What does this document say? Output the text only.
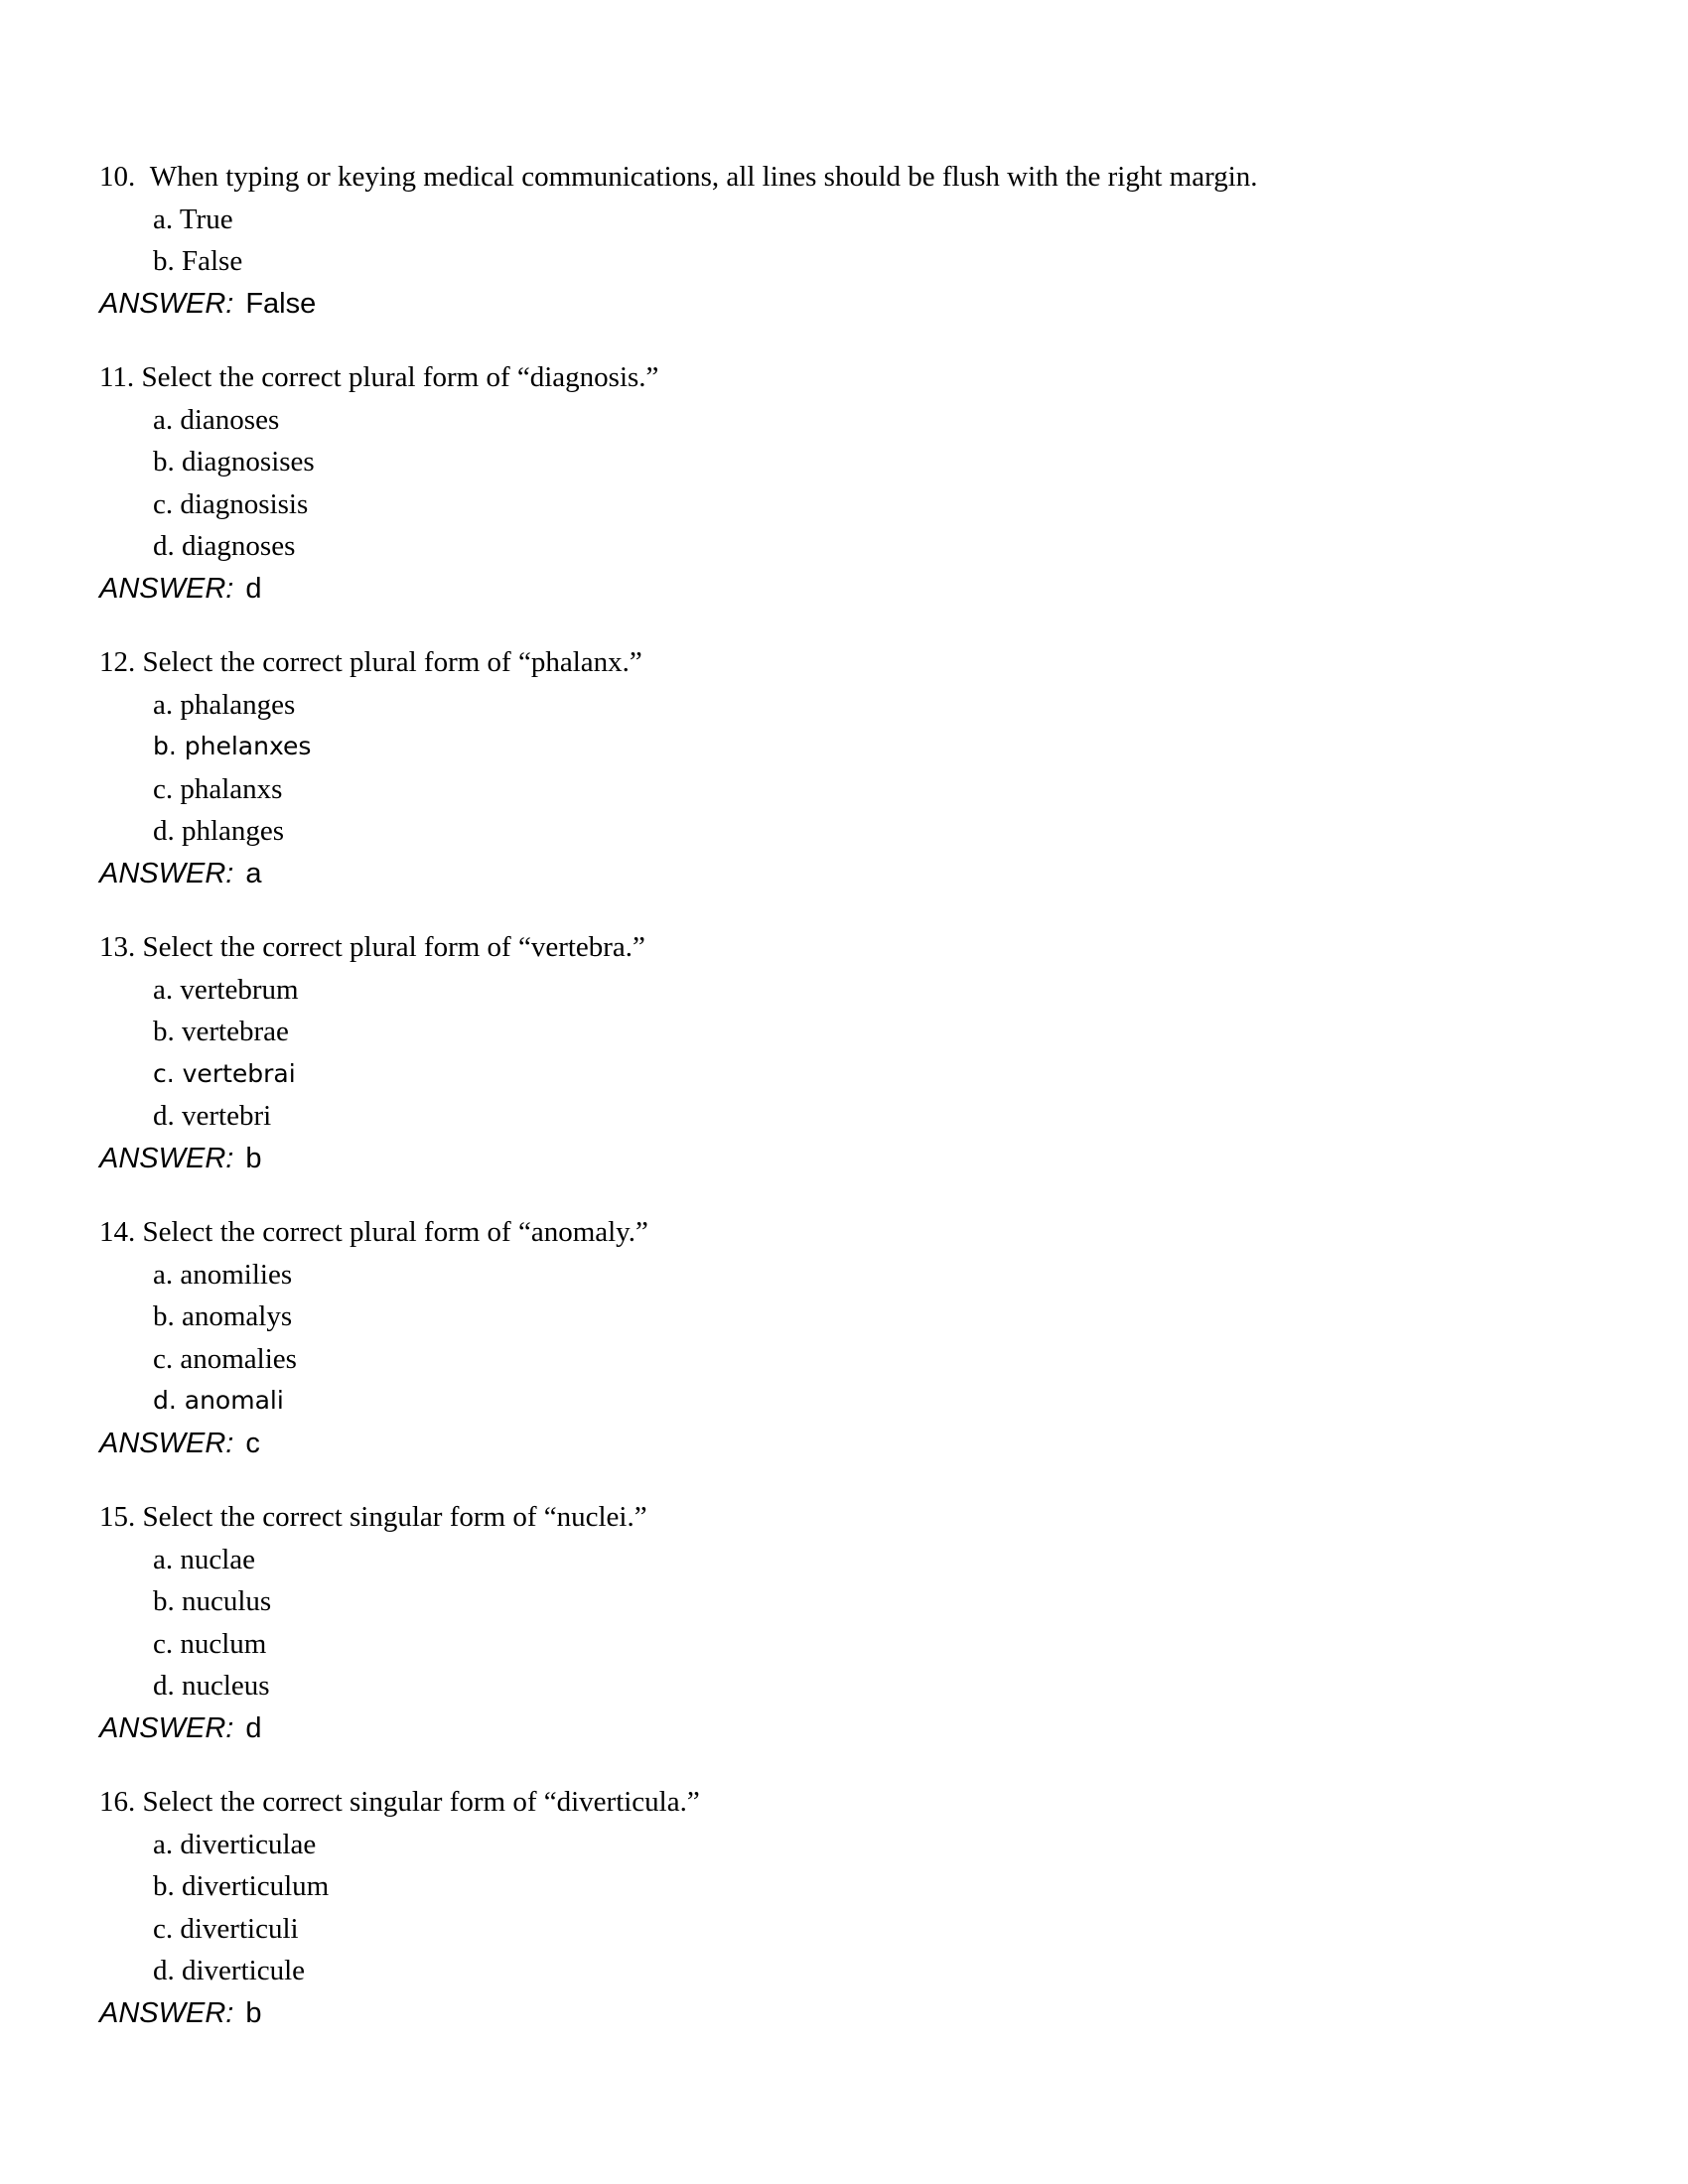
10. When typing or keying medical communications, all lines should be flush with the right margin.
a. True
b. False
ANSWER: False
11. Select the correct plural form of “diagnosis.”
a. dianoses
b. diagnosises
c. diagnosisis
d. diagnoses
ANSWER: d
12. Select the correct plural form of “phalanx.”
a. phalanges
b. phelanxes
c. phalanxs
d. phlanges
ANSWER: a
13. Select the correct plural form of “vertebra.”
a. vertebrum
b. vertebrae
c. vertebrai
d. vertebri
ANSWER: b
14. Select the correct plural form of “anomaly.”
a. anomilies
b. anomalys
c. anomalies
d. anomali
ANSWER: c
15. Select the correct singular form of “nuclei.”
a. nuclae
b. nuculus
c. nuclum
d. nucleus
ANSWER: d
16. Select the correct singular form of “diverticula.”
a. diverticulae
b. diverticulum
c. diverticuli
d. diverticule
ANSWER: b
